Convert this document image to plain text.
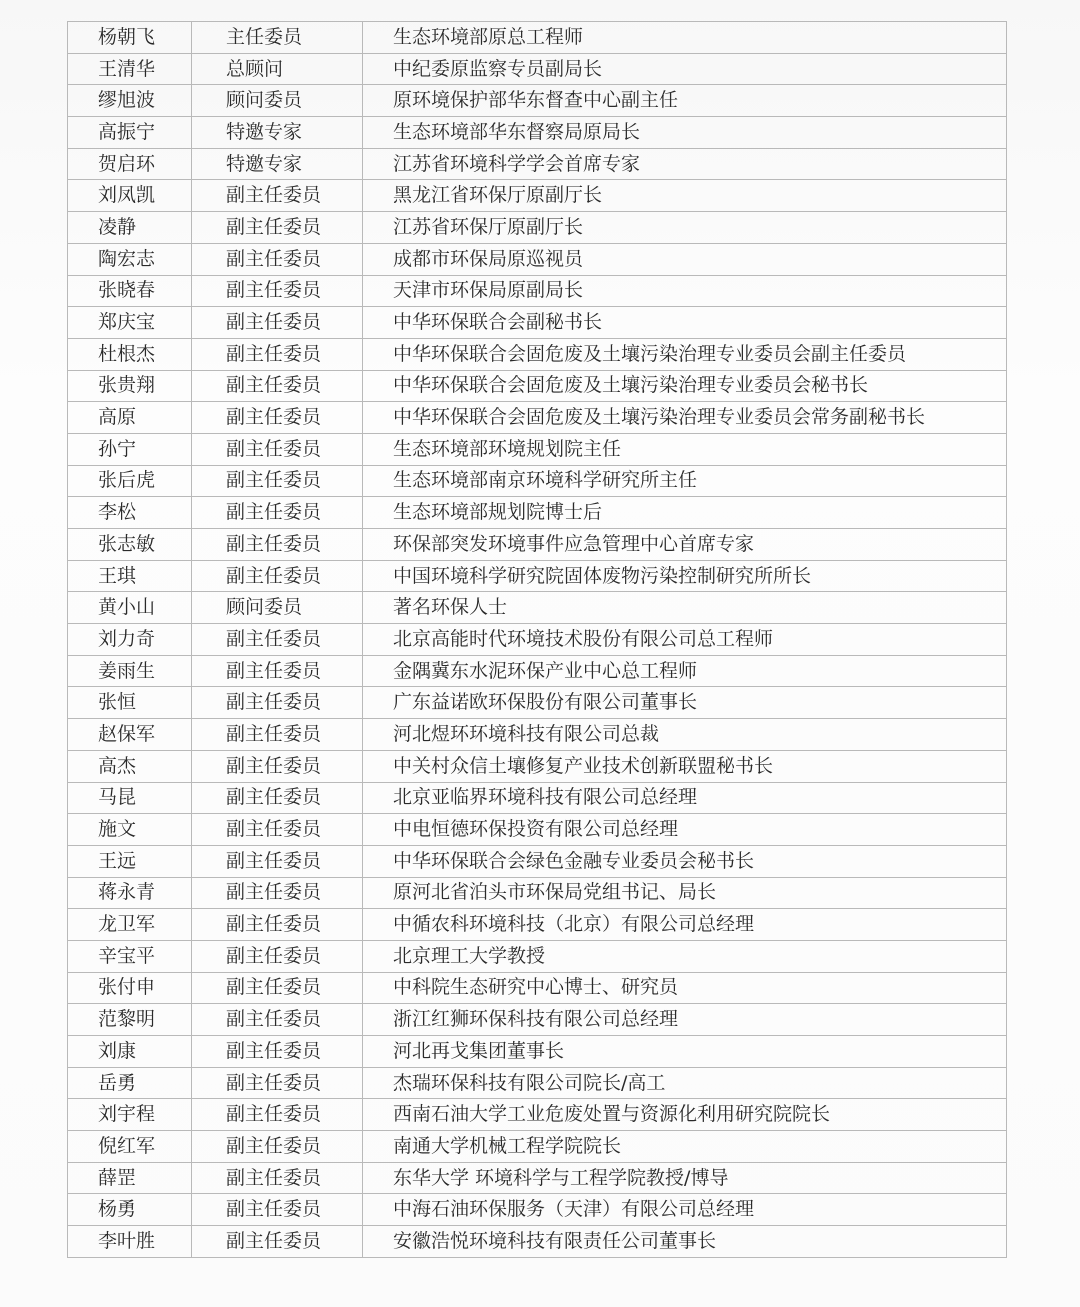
杨朝飞	主任委员	生态环境部原总工程师
王清华	总顾问	中纪委原监察专员副局长
缪旭波	顾问委员	原环境保护部华东督查中心副主任
高振宁	特邀专家	生态环境部华东督察局原局长
贺启环	特邀专家	江苏省环境科学学会首席专家
刘凤凯	副主任委员	黑龙江省环保厅原副厅长
凌静	副主任委员	江苏省环保厅原副厅长
陶宏志	副主任委员	成都市环保局原巡视员
张晓春	副主任委员	天津市环保局原副局长
郑庆宝	副主任委员	中华环保联合会副秘书长
杜根杰	副主任委员	中华环保联合会固危废及土壤污染治理专业委员会副主任委员
张贵翔	副主任委员	中华环保联合会固危废及土壤污染治理专业委员会秘书长
高原	副主任委员	中华环保联合会固危废及土壤污染治理专业委员会常务副秘书长
孙宁	副主任委员	生态环境部环境规划院主任
张后虎	副主任委员	生态环境部南京环境科学研究所主任
李松	副主任委员	生态环境部规划院博士后
张志敏	副主任委员	环保部突发环境事件应急管理中心首席专家
王琪	副主任委员	中国环境科学研究院固体废物污染控制研究所所长
黄小山	顾问委员	著名环保人士
刘力奇	副主任委员	北京高能时代环境技术股份有限公司总工程师
姜雨生	副主任委员	金隅冀东水泥环保产业中心总工程师
张恒	副主任委员	广东益诺欧环保股份有限公司董事长
赵保军	副主任委员	河北煜环环境科技有限公司总裁
高杰	副主任委员	中关村众信土壤修复产业技术创新联盟秘书长
马昆	副主任委员	北京亚临界环境科技有限公司总经理
施文	副主任委员	中电恒德环保投资有限公司总经理
王远	副主任委员	中华环保联合会绿色金融专业委员会秘书长
蒋永青	副主任委员	原河北省泊头市环保局党组书记、局长
龙卫军	副主任委员	中循农科环境科技（北京）有限公司总经理
辛宝平	副主任委员	北京理工大学教授
张付申	副主任委员	中科院生态研究中心博士、研究员
范黎明	副主任委员	浙江红狮环保科技有限公司总经理
刘康	副主任委员	河北再戈集团董事长
岳勇	副主任委员	杰瑞环保科技有限公司院长/高工
刘宇程	副主任委员	西南石油大学工业危废处置与资源化利用研究院院长
倪红军	副主任委员	南通大学机械工程学院院长
薛罡	副主任委员	东华大学 环境科学与工程学院教授/博导
杨勇	副主任委员	中海石油环保服务（天津）有限公司总经理
李叶胜	副主任委员	安徽浩悦环境科技有限责任公司董事长
